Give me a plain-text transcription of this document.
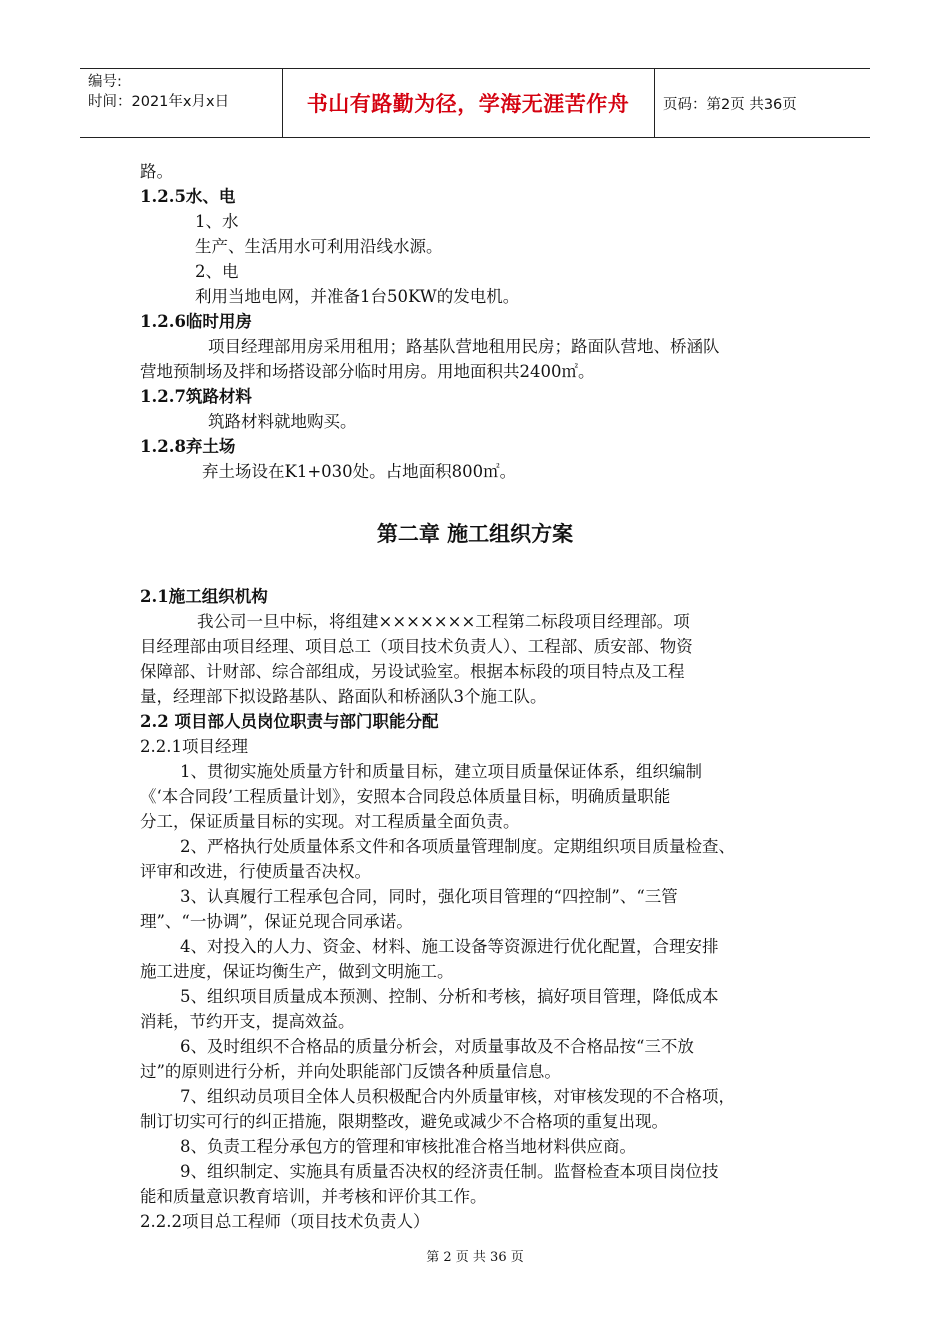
编号:
时间：2021年x月x日	书山有路勤为径，学海无涯苦作舟	页码：第2页 共36页
第二章 施工组织方案
路。
1.2.5水、电
1、水
生产、生活用水可利用沿线水源。
2、电
利用当地电网，并准备1台50KW的发电机。
1.2.6临时用房
项目经理部用房采用租用；路基队营地租用民房；路面队营地、桥涵队
营地预制场及拌和场搭设部分临时用房。用地面积共2400㎡。
1.2.7筑路材料
筑路材料就地购买。
1.2.8弃土场
弃土场设在K1+030处。占地面积800㎡。
2.1施工组织机构
我公司一旦中标，将组建×××××××工程第二标段项目经理部。项
目经理部由项目经理、项目总工（项目技术负责人）、工程部、质安部、物资
保障部、计财部、综合部组成，另设试验室。根据本标段的项目特点及工程
量，经理部下拟设路基队、路面队和桥涵队3个施工队。
2.2 项目部人员岗位职责与部门职能分配
2.2.1项目经理
1、贯彻实施处质量方针和质量目标，建立项目质量保证体系，组织编制
《‘本合同段’工程质量计划》，安照本合同段总体质量目标，明确质量职能
分工，保证质量目标的实现。对工程质量全面负责。
2、严格执行处质量体系文件和各项质量管理制度。定期组织项目质量检查、
评审和改进，行使质量否决权。
3、认真履行工程承包合同，同时，强化项目管理的“四控制”、“三管
理”、“一协调”，保证兑现合同承诺。
4、对投入的人力、资金、材料、施工设备等资源进行优化配置，合理安排
施工进度，保证均衡生产，做到文明施工。
5、组织项目质量成本预测、控制、分析和考核，搞好项目管理，降低成本
消耗，节约开支，提高效益。
6、及时组织不合格品的质量分析会，对质量事故及不合格品按“三不放
过”的原则进行分析，并向处职能部门反馈各种质量信息。
7、组织动员项目全体人员积极配合内外质量审核，对审核发现的不合格项，
制订切实可行的纠正措施，限期整改，避免或减少不合格项的重复出现。
8、负责工程分承包方的管理和审核批准合格当地材料供应商。
9、组织制定、实施具有质量否决权的经济责任制。监督检查本项目岗位技
能和质量意识教育培训，并考核和评价其工作。
2.2.2项目总工程师（项目技术负责人）
第 2 页 共 36 页
